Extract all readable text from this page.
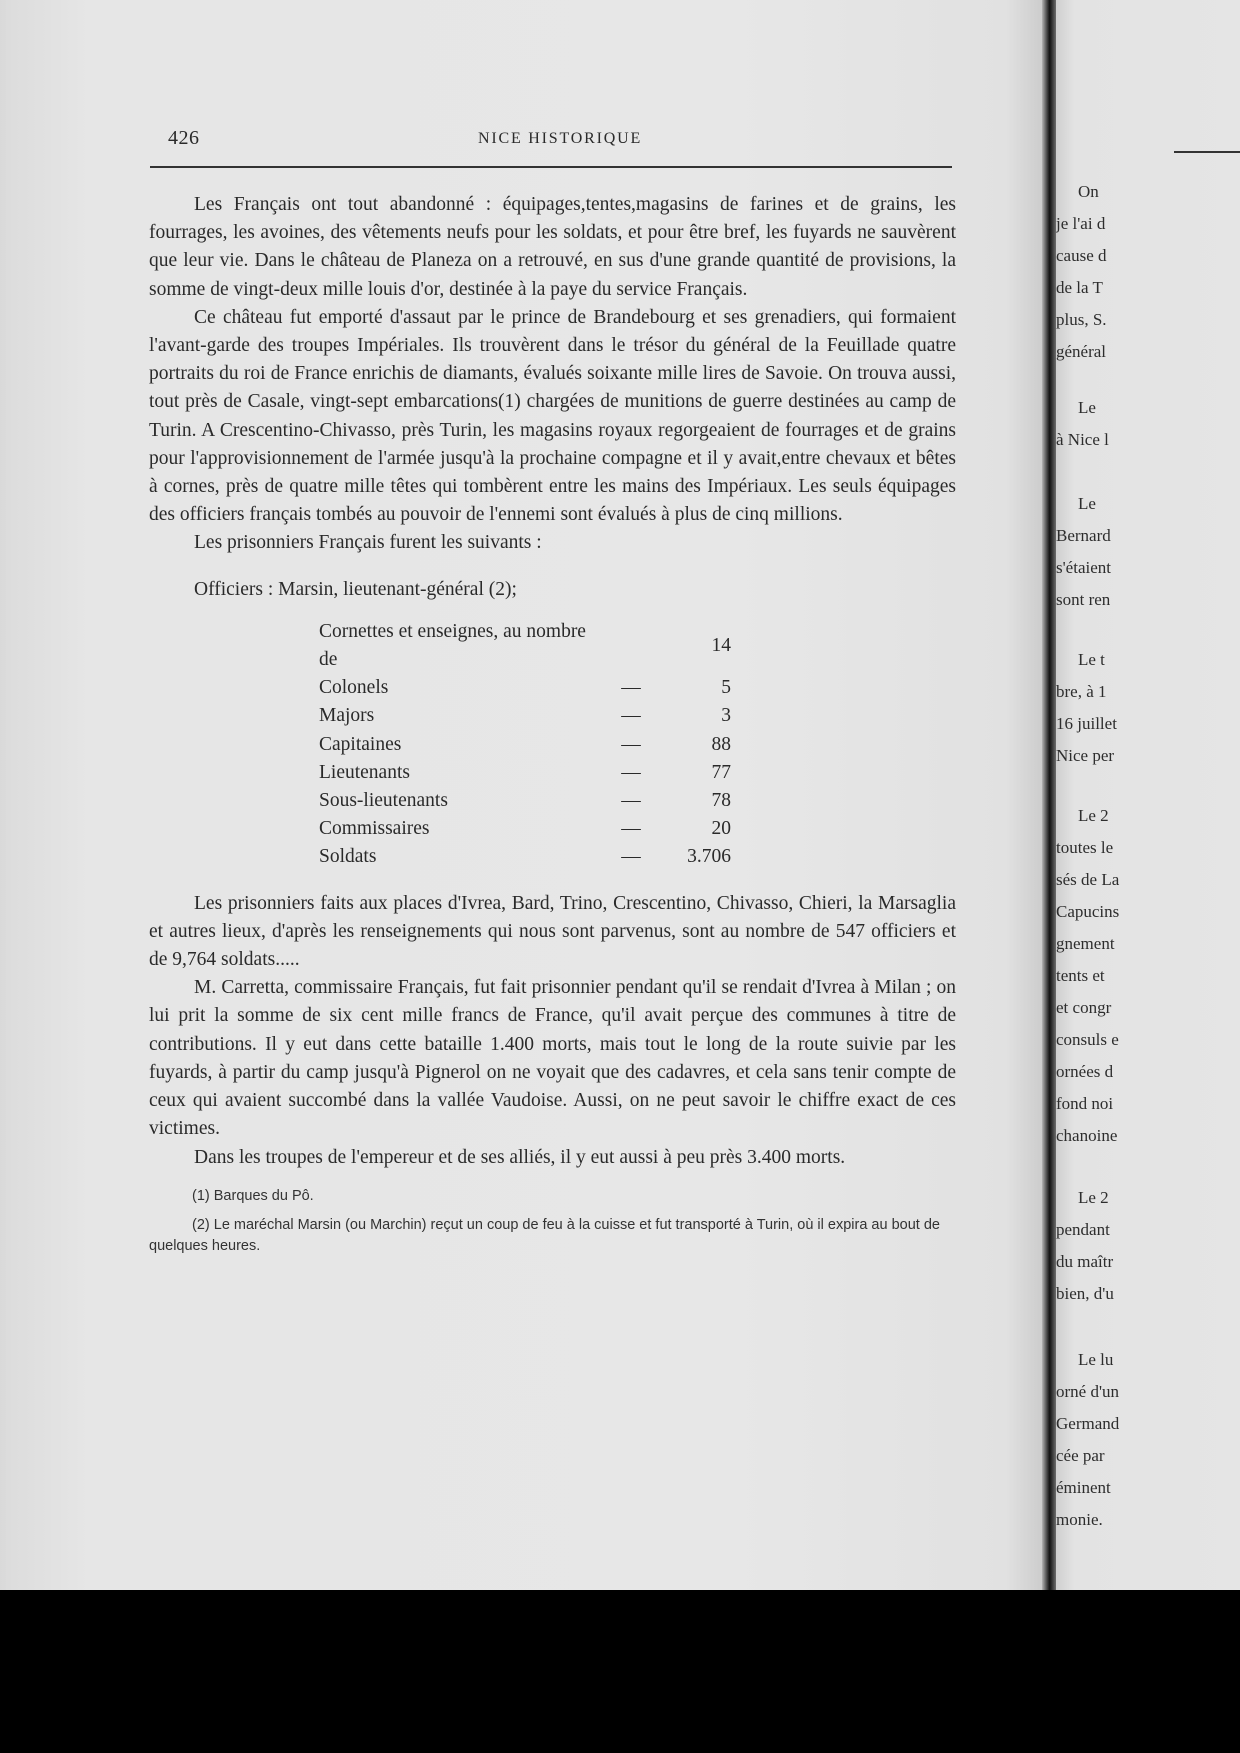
426	NICE HISTORIQUE

Les Français ont tout abandonné : équipages,tentes,magasins de farines et de grains, les fourrages, les avoines, des vêtements neufs pour les soldats, et pour être bref, les fuyards ne sauvèrent que leur vie. Dans le château de Planeza on a retrouvé, en sus d'une grande quantité de provisions, la somme de vingt-deux mille louis d'or, destinée à la paye du service Français.

Ce château fut emporté d'assaut par le prince de Brandebourg et ses grenadiers, qui formaient l'avant-garde des troupes Impériales. Ils trouvèrent dans le trésor du général de la Feuillade quatre portraits du roi de France enrichis de diamants, évalués soixante mille lires de Savoie. On trouva aussi, tout près de Casale, vingt-sept embarcations(1) chargées de munitions de guerre destinées au camp de Turin. A Crescentino-Chivasso, près Turin, les magasins royaux regorgeaient de fourrages et de grains pour l'approvisionnement de l'armée jusqu'à la prochaine compagne et il y avait,entre chevaux et bêtes à cornes, près de quatre mille têtes qui tombèrent entre les mains des Impériaux. Les seuls équipages des officiers français tombés au pouvoir de l'ennemi sont évalués à plus de cinq millions.

Les prisonniers Français furent les suivants :

Officiers : Marsin, lieutenant-général (2);

Cornettes et enseignes, au nombre de		14
Colonels	—	5
Majors	—	3
Capitaines	—	88
Lieutenants	—	77
Sous-lieutenants	—	78
Commissaires	—	20
Soldats	—	3.706

Les prisonniers faits aux places d'Ivrea, Bard, Trino, Crescentino, Chivasso, Chieri, la Marsaglia et autres lieux, d'après les renseignements qui nous sont parvenus, sont au nombre de 547 officiers et de 9,764 soldats.....

M. Carretta, commissaire Français, fut fait prisonnier pendant qu'il se rendait d'Ivrea à Milan ; on lui prit la somme de six cent mille francs de France, qu'il avait perçue des communes à titre de contributions. Il y eut dans cette bataille 1.400 morts, mais tout le long de la route suivie par les fuyards, à partir du camp jusqu'à Pignerol on ne voyait que des cadavres, et cela sans tenir compte de ceux qui avaient succombé dans la vallée Vaudoise. Aussi, on ne peut savoir le chiffre exact de ces victimes.

Dans les troupes de l'empereur et de ses alliés, il y eut aussi à peu près 3.400 morts.

(1) Barques du Pô.

(2) Le maréchal Marsin (ou Marchin) reçut un coup de feu à la cuisse et fut transporté à Turin, où il expira au bout de quelques heures.

On
je l'ai d
cause d
de la T
plus, S.
général
Le
à Nice l
Le
Bernard
s'étaient
sont ren
Le t
bre, à 1
16 juillet
Nice per
Le 2
toutes le
sés de La
Capucins
gnement
tents et
et congr
consuls e
ornées d
fond noi
chanoine
Le 2
pendant
du maîtr
bien, d'u
Le lu
orné d'un
Germand
cée par
éminent
monie.
